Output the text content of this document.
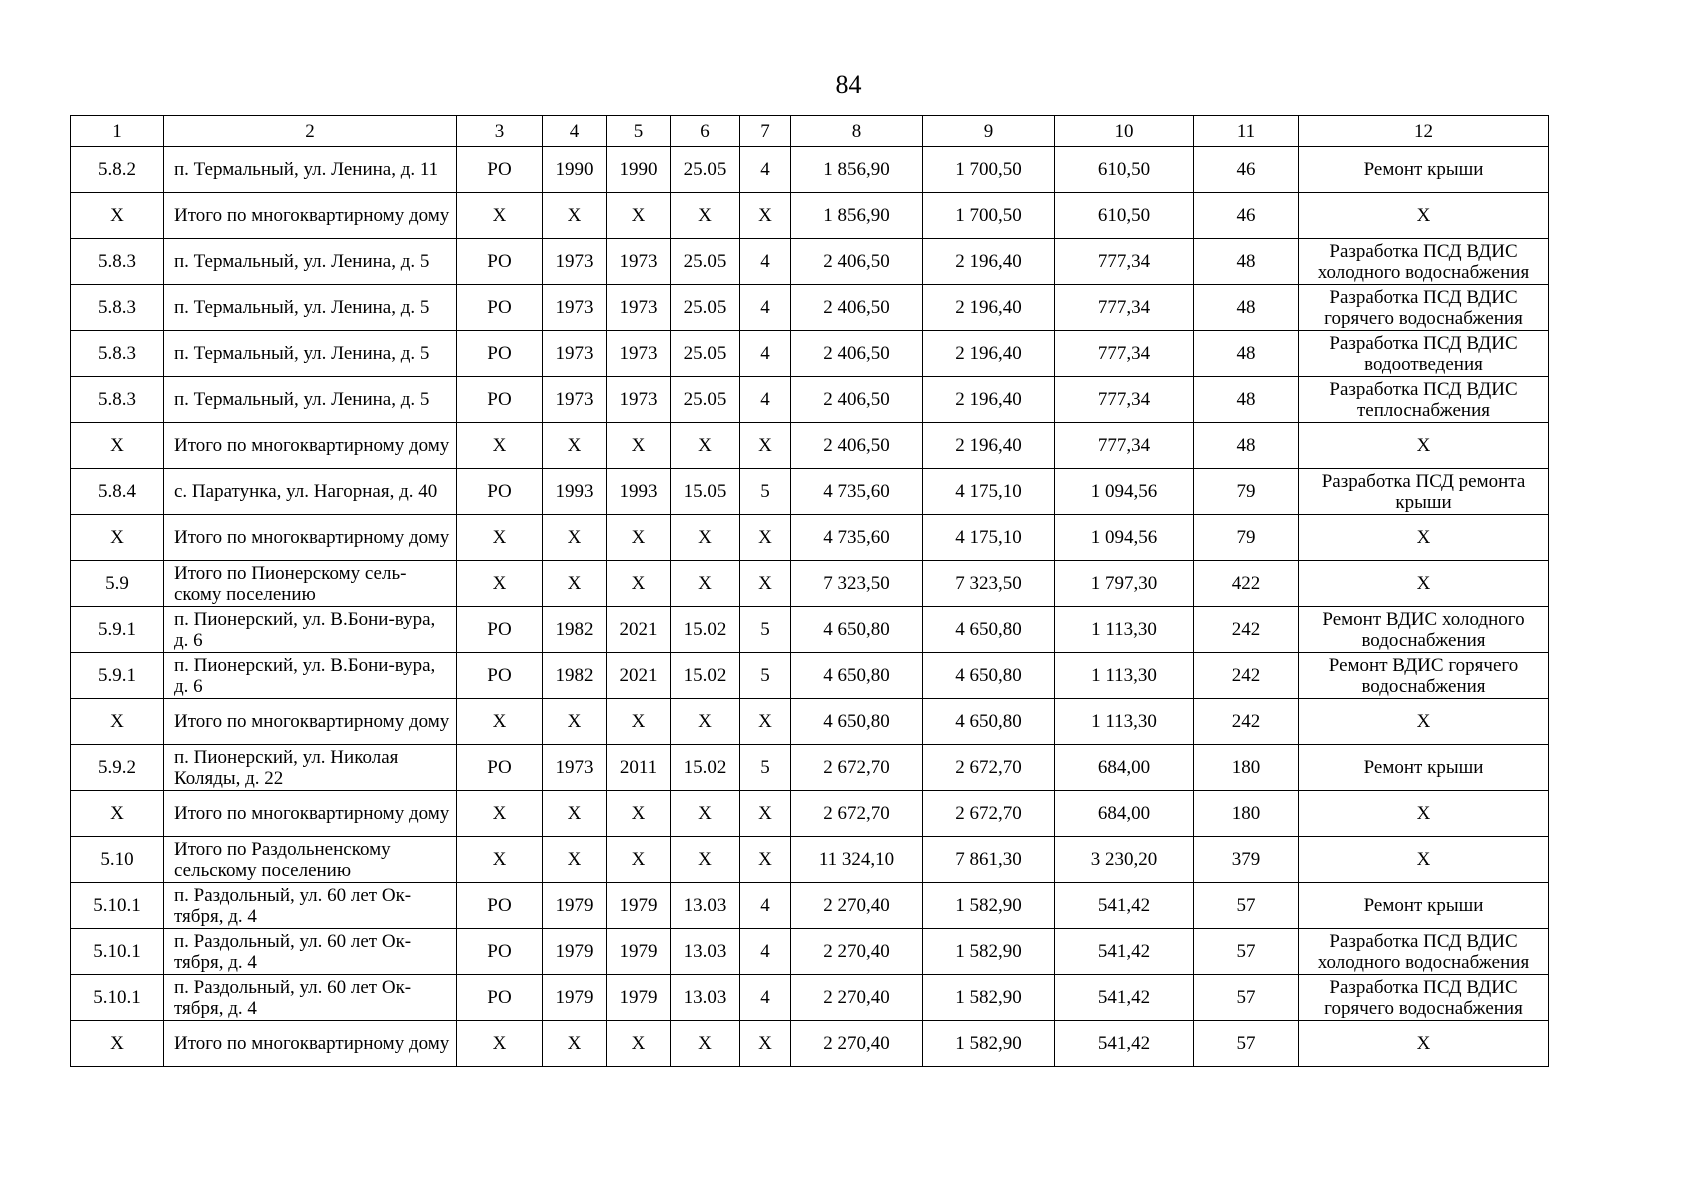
84
1	2	3	4	5	6	7	8	9	10	11	12
5.8.2	п. Термальный, ул. Ленина, д. 11	РО	1990	1990	25.05	4	1 856,90	1 700,50	610,50	46	Ремонт крыши
Х	Итого по многоквартирному дому	Х	Х	Х	Х	Х	1 856,90	1 700,50	610,50	46	Х
5.8.3	п. Термальный, ул. Ленина, д. 5	РО	1973	1973	25.05	4	2 406,50	2 196,40	777,34	48	Разработка ПСД ВДИС холодного водоснабжения
5.8.3	п. Термальный, ул. Ленина, д. 5	РО	1973	1973	25.05	4	2 406,50	2 196,40	777,34	48	Разработка ПСД ВДИС горячего водоснабжения
5.8.3	п. Термальный, ул. Ленина, д. 5	РО	1973	1973	25.05	4	2 406,50	2 196,40	777,34	48	Разработка ПСД ВДИС водоотведения
5.8.3	п. Термальный, ул. Ленина, д. 5	РО	1973	1973	25.05	4	2 406,50	2 196,40	777,34	48	Разработка ПСД ВДИС теплоснабжения
Х	Итого по многоквартирному дому	Х	Х	Х	Х	Х	2 406,50	2 196,40	777,34	48	Х
5.8.4	с. Паратунка, ул. Нагорная, д. 40	РО	1993	1993	15.05	5	4 735,60	4 175,10	1 094,56	79	Разработка ПСД ремонта крыши
Х	Итого по многоквартирному дому	Х	Х	Х	Х	Х	4 735,60	4 175,10	1 094,56	79	Х
5.9	Итого по Пионерскому сель-скому поселению	Х	Х	Х	Х	Х	7 323,50	7 323,50	1 797,30	422	Х
5.9.1	п. Пионерский, ул. В.Бони-вура, д. 6	РО	1982	2021	15.02	5	4 650,80	4 650,80	1 113,30	242	Ремонт ВДИС холодного водоснабжения
5.9.1	п. Пионерский, ул. В.Бони-вура, д. 6	РО	1982	2021	15.02	5	4 650,80	4 650,80	1 113,30	242	Ремонт ВДИС горячего водоснабжения
Х	Итого по многоквартирному дому	Х	Х	Х	Х	Х	4 650,80	4 650,80	1 113,30	242	Х
5.9.2	п. Пионерский, ул. Николая Коляды, д. 22	РО	1973	2011	15.02	5	2 672,70	2 672,70	684,00	180	Ремонт крыши
Х	Итого по многоквартирному дому	Х	Х	Х	Х	Х	2 672,70	2 672,70	684,00	180	Х
5.10	Итого по Раздольненскому сельскому поселению	Х	Х	Х	Х	Х	11 324,10	7 861,30	3 230,20	379	Х
5.10.1	п. Раздольный, ул. 60 лет Ок-тября, д. 4	РО	1979	1979	13.03	4	2 270,40	1 582,90	541,42	57	Ремонт крыши
5.10.1	п. Раздольный, ул. 60 лет Ок-тября, д. 4	РО	1979	1979	13.03	4	2 270,40	1 582,90	541,42	57	Разработка ПСД ВДИС холодного водоснабжения
5.10.1	п. Раздольный, ул. 60 лет Ок-тября, д. 4	РО	1979	1979	13.03	4	2 270,40	1 582,90	541,42	57	Разработка ПСД ВДИС горячего водоснабжения
Х	Итого по многоквартирному дому	Х	Х	Х	Х	Х	2 270,40	1 582,90	541,42	57	Х
